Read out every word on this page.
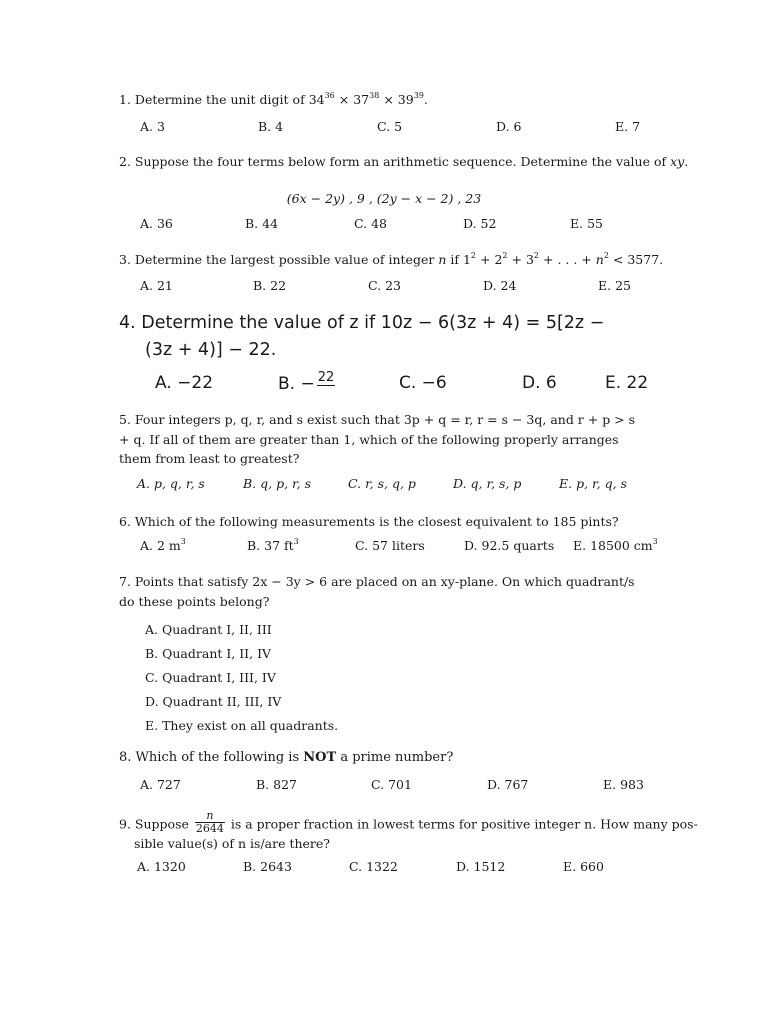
1. Determine the unit digit of $34^{36} \times 37^{38} \times 39^{39}$.
A. 3	B. 4	C. 5	D. 6	E. 7
2. Suppose the four terms below form an arithmetic sequence. Determine the value of xy.
(6x − 2y) , 9 , (2y − x − 2) , 23
A. 36	B. 44	C. 48	D. 52	E. 55
3. Determine the largest possible value of integer n if $1^2 + 2^2 + 3^2$ + . . . + $n^2 < 3577$.
A. 21	B. 22	C. 23	D. 24	E. 25
4. Determine the value of z if 10z − 6(3z + 4) = 5[2z −
(3z + 4)] − 22.
A. −22	B. − 22	C. −6	D. 6	E. 22
5. Four integers p, q, r, and s exist such that 3p + q = r, r = s − 3q, and r + p > s + q. If all of them are greater than 1, which of the following properly arranges them from least to greatest?
A. p, q, r, s	B. q, p, r, s	C. r, s, q, p	D. q, r, s, p	E. p, r, q, s
6. Which of the following measurements is the closest equivalent to 185 pints?
A. 2 $m^3$	B. 37 $ft^3$	C. 57 liters	D. 92.5 quarts E. 18500 $cm^3$
7. Points that satisfy 2x − 3y > 6 are placed on an xy-plane. On which quadrant/s do these points belong?
A. Quadrant I, II, III
B. Quadrant I, II, IV
C. Quadrant I, III, IV
D. Quadrant II, III, IV
E. They exist on all quadrants.
8. Which of the following is NOT a prime number?
A. 727	B. 827	C. 701	D. 767	E. 983
9. Suppose $\frac{n}{2644}$ is a proper fraction in lowest terms for positive integer n. How many pos-
sible value(s) of n is/are there?
A. 1320	B. 2643	C. 1322	D. 1512	E. 660
